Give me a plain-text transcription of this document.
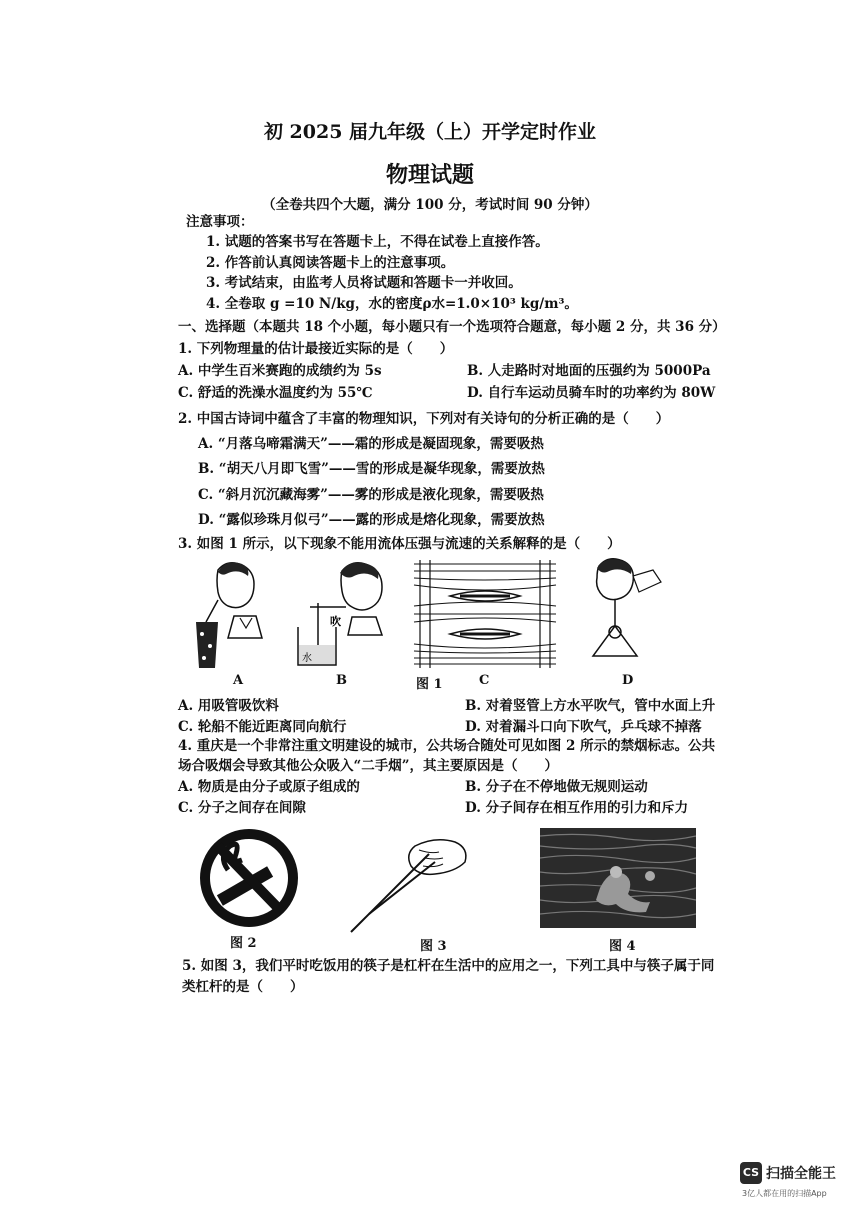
初 2025 届九年级（上）开学定时作业
物理试题
（全卷共四个大题，满分 100 分，考试时间 90 分钟）
注意事项：
1. 试题的答案书写在答题卡上，不得在试卷上直接作答。
2. 作答前认真阅读答题卡上的注意事项。
3. 考试结束，由监考人员将试题和答题卡一并收回。
4. 全卷取 g =10 N/kg，水的密度ρ水=1.0×10³ kg/m³。
一、选择题（本题共 18 个小题，每小题只有一个选项符合题意，每小题 2 分，共 36 分）
1. 下列物理量的估计最接近实际的是（　　）
A. 中学生百米赛跑的成绩约为 5s	B. 人走路时对地面的压强约为 5000Pa
C. 舒适的洗澡水温度约为 55℃	D. 自行车运动员骑车时的功率约为 80W
2. 中国古诗词中蕴含了丰富的物理知识，下列对有关诗句的分析正确的是（　　）
A. “月落乌啼霜满天”——霜的形成是凝固现象，需要吸热
B. “胡天八月即飞雪”——雪的形成是凝华现象，需要放热
C. “斜月沉沉藏海雾”——雾的形成是液化现象，需要吸热
D. “露似珍珠月似弓”——露的形成是熔化现象，需要放热
3. 如图 1 所示，以下现象不能用流体压强与流速的关系解释的是（　　）
吹
水
A	B	图 1	C	D
A. 用吸管吸饮料	B. 对着竖管上方水平吹气，管中水面上升
C. 轮船不能近距离同向航行	D. 对着漏斗口向下吹气，乒乓球不掉落
4. 重庆是一个非常注重文明建设的城市，公共场合随处可见如图 2 所示的禁烟标志。公共
场合吸烟会导致其他公众吸入“二手烟”，其主要原因是（　　）
A. 物质是由分子或原子组成的	B. 分子在不停地做无规则运动
C. 分子之间存在间隙	D. 分子间存在相互作用的引力和斥力
图 2	图 3	图 4
5. 如图 3，我们平时吃饭用的筷子是杠杆在生活中的应用之一，下列工具中与筷子属于同
类杠杆的是（　　）
CS 扫描全能王
3亿人都在用的扫描App
